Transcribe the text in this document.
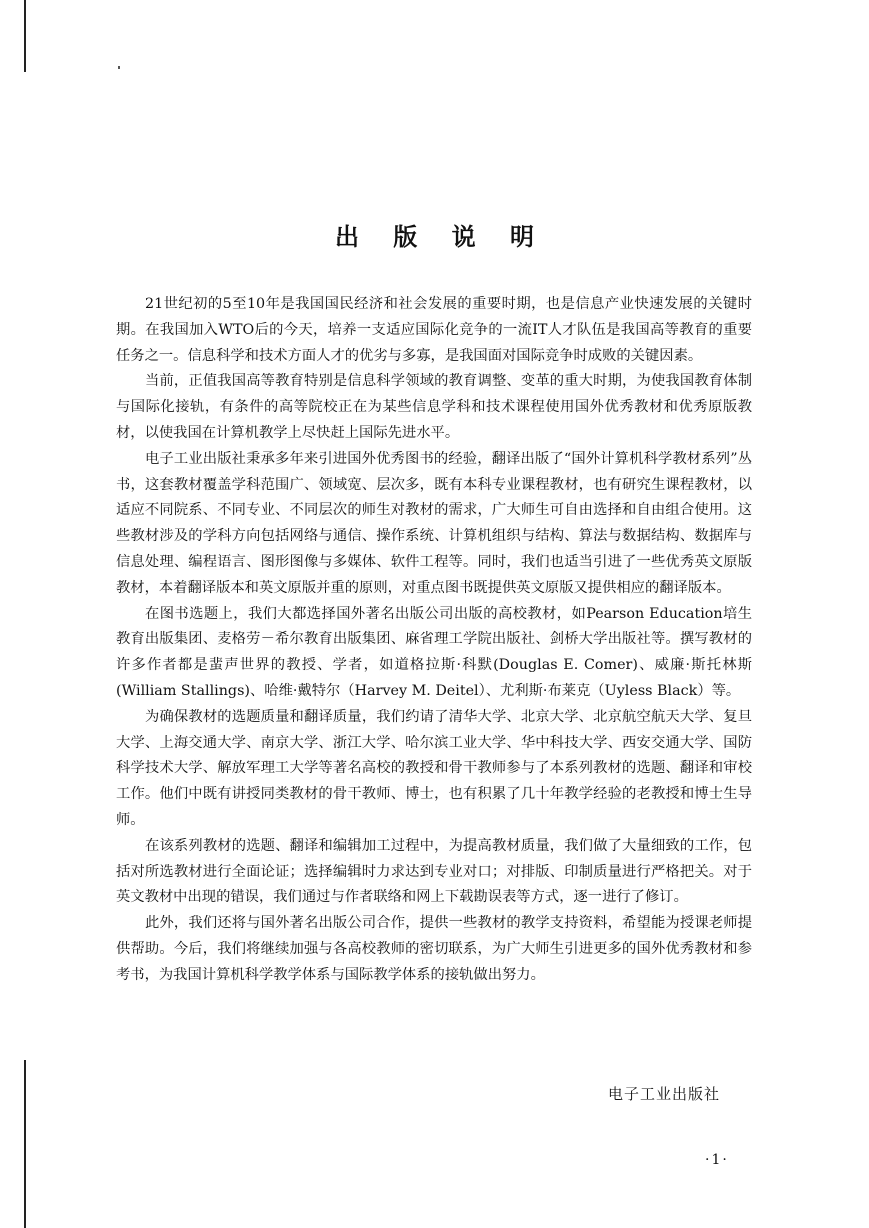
出 版 说 明

21世纪初的5至10年是我国国民经济和社会发展的重要时期，也是信息产业快速发展的关键时期。在我国加入WTO后的今天，培养一支适应国际化竞争的一流IT人才队伍是我国高等教育的重要任务之一。信息科学和技术方面人才的优劣与多寡，是我国面对国际竞争时成败的关键因素。

当前，正值我国高等教育特别是信息科学领域的教育调整、变革的重大时期，为使我国教育体制与国际化接轨，有条件的高等院校正在为某些信息学科和技术课程使用国外优秀教材和优秀原版教材，以使我国在计算机教学上尽快赶上国际先进水平。

电子工业出版社秉承多年来引进国外优秀图书的经验，翻译出版了“国外计算机科学教材系列”丛书，这套教材覆盖学科范围广、领域宽、层次多，既有本科专业课程教材，也有研究生课程教材，以适应不同院系、不同专业、不同层次的师生对教材的需求，广大师生可自由选择和自由组合使用。这些教材涉及的学科方向包括网络与通信、操作系统、计算机组织与结构、算法与数据结构、数据库与信息处理、编程语言、图形图像与多媒体、软件工程等。同时，我们也适当引进了一些优秀英文原版教材，本着翻译版本和英文原版并重的原则，对重点图书既提供英文原版又提供相应的翻译版本。

在图书选题上，我们大都选择国外著名出版公司出版的高校教材，如Pearson Education培生教育出版集团、麦格劳－希尔教育出版集团、麻省理工学院出版社、剑桥大学出版社等。撰写教材的许多作者都是蜚声世界的教授、学者，如道格拉斯·科默(Douglas E. Comer)、威廉·斯托林斯(William Stallings)、哈维·戴特尔（Harvey M. Deitel）、尤利斯·布莱克（Uyless Black）等。

为确保教材的选题质量和翻译质量，我们约请了清华大学、北京大学、北京航空航天大学、复旦大学、上海交通大学、南京大学、浙江大学、哈尔滨工业大学、华中科技大学、西安交通大学、国防科学技术大学、解放军理工大学等著名高校的教授和骨干教师参与了本系列教材的选题、翻译和审校工作。他们中既有讲授同类教材的骨干教师、博士，也有积累了几十年教学经验的老教授和博士生导师。

在该系列教材的选题、翻译和编辑加工过程中，为提高教材质量，我们做了大量细致的工作，包括对所选教材进行全面论证；选择编辑时力求达到专业对口；对排版、印制质量进行严格把关。对于英文教材中出现的错误，我们通过与作者联络和网上下载勘误表等方式，逐一进行了修订。

此外，我们还将与国外著名出版公司合作，提供一些教材的教学支持资料，希望能为授课老师提供帮助。今后，我们将继续加强与各高校教师的密切联系，为广大师生引进更多的国外优秀教材和参考书，为我国计算机科学教学体系与国际教学体系的接轨做出努力。

电子工业出版社
·1·
